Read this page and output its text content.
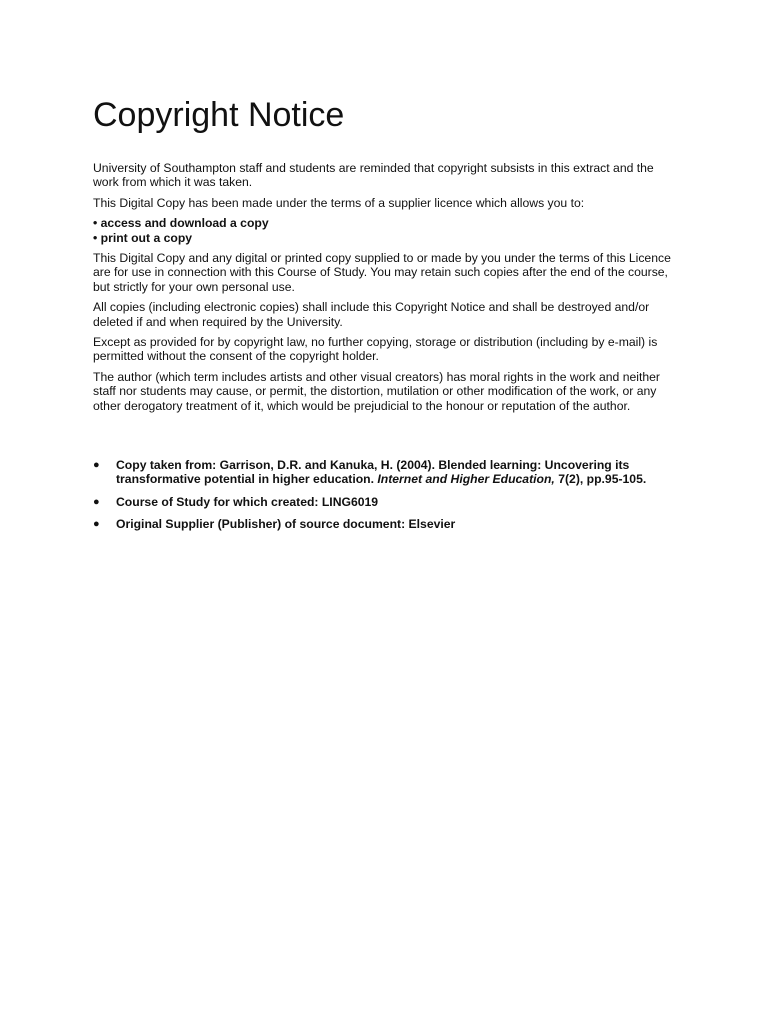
Copyright Notice

University of Southampton staff and students are reminded that copyright subsists in this extract and the work from which it was taken.

This Digital Copy has been made under the terms of a supplier licence which allows you to:

• access and download a copy
• print out a copy

This Digital Copy and any digital or printed copy supplied to or made by you under the terms of this Licence are for use in connection with this Course of Study. You may retain such copies after the end of the course, but strictly for your own personal use.

All copies (including electronic copies) shall include this Copyright Notice and shall be destroyed and/or deleted if and when required by the University.

Except as provided for by copyright law, no further copying, storage or distribution (including by e-mail) is permitted without the consent of the copyright holder.

The author (which term includes artists and other visual creators) has moral rights in the work and neither staff nor students may cause, or permit, the distortion, mutilation or other modification of the work, or any other derogatory treatment of it, which would be prejudicial to the honour or reputation of the author.

● Copy taken from: Garrison, D.R. and Kanuka, H. (2004). Blended learning: Uncovering its transformative potential in higher education. Internet and Higher Education, 7(2), pp.95-105.
● Course of Study for which created: LING6019
● Original Supplier (Publisher) of source document: Elsevier
